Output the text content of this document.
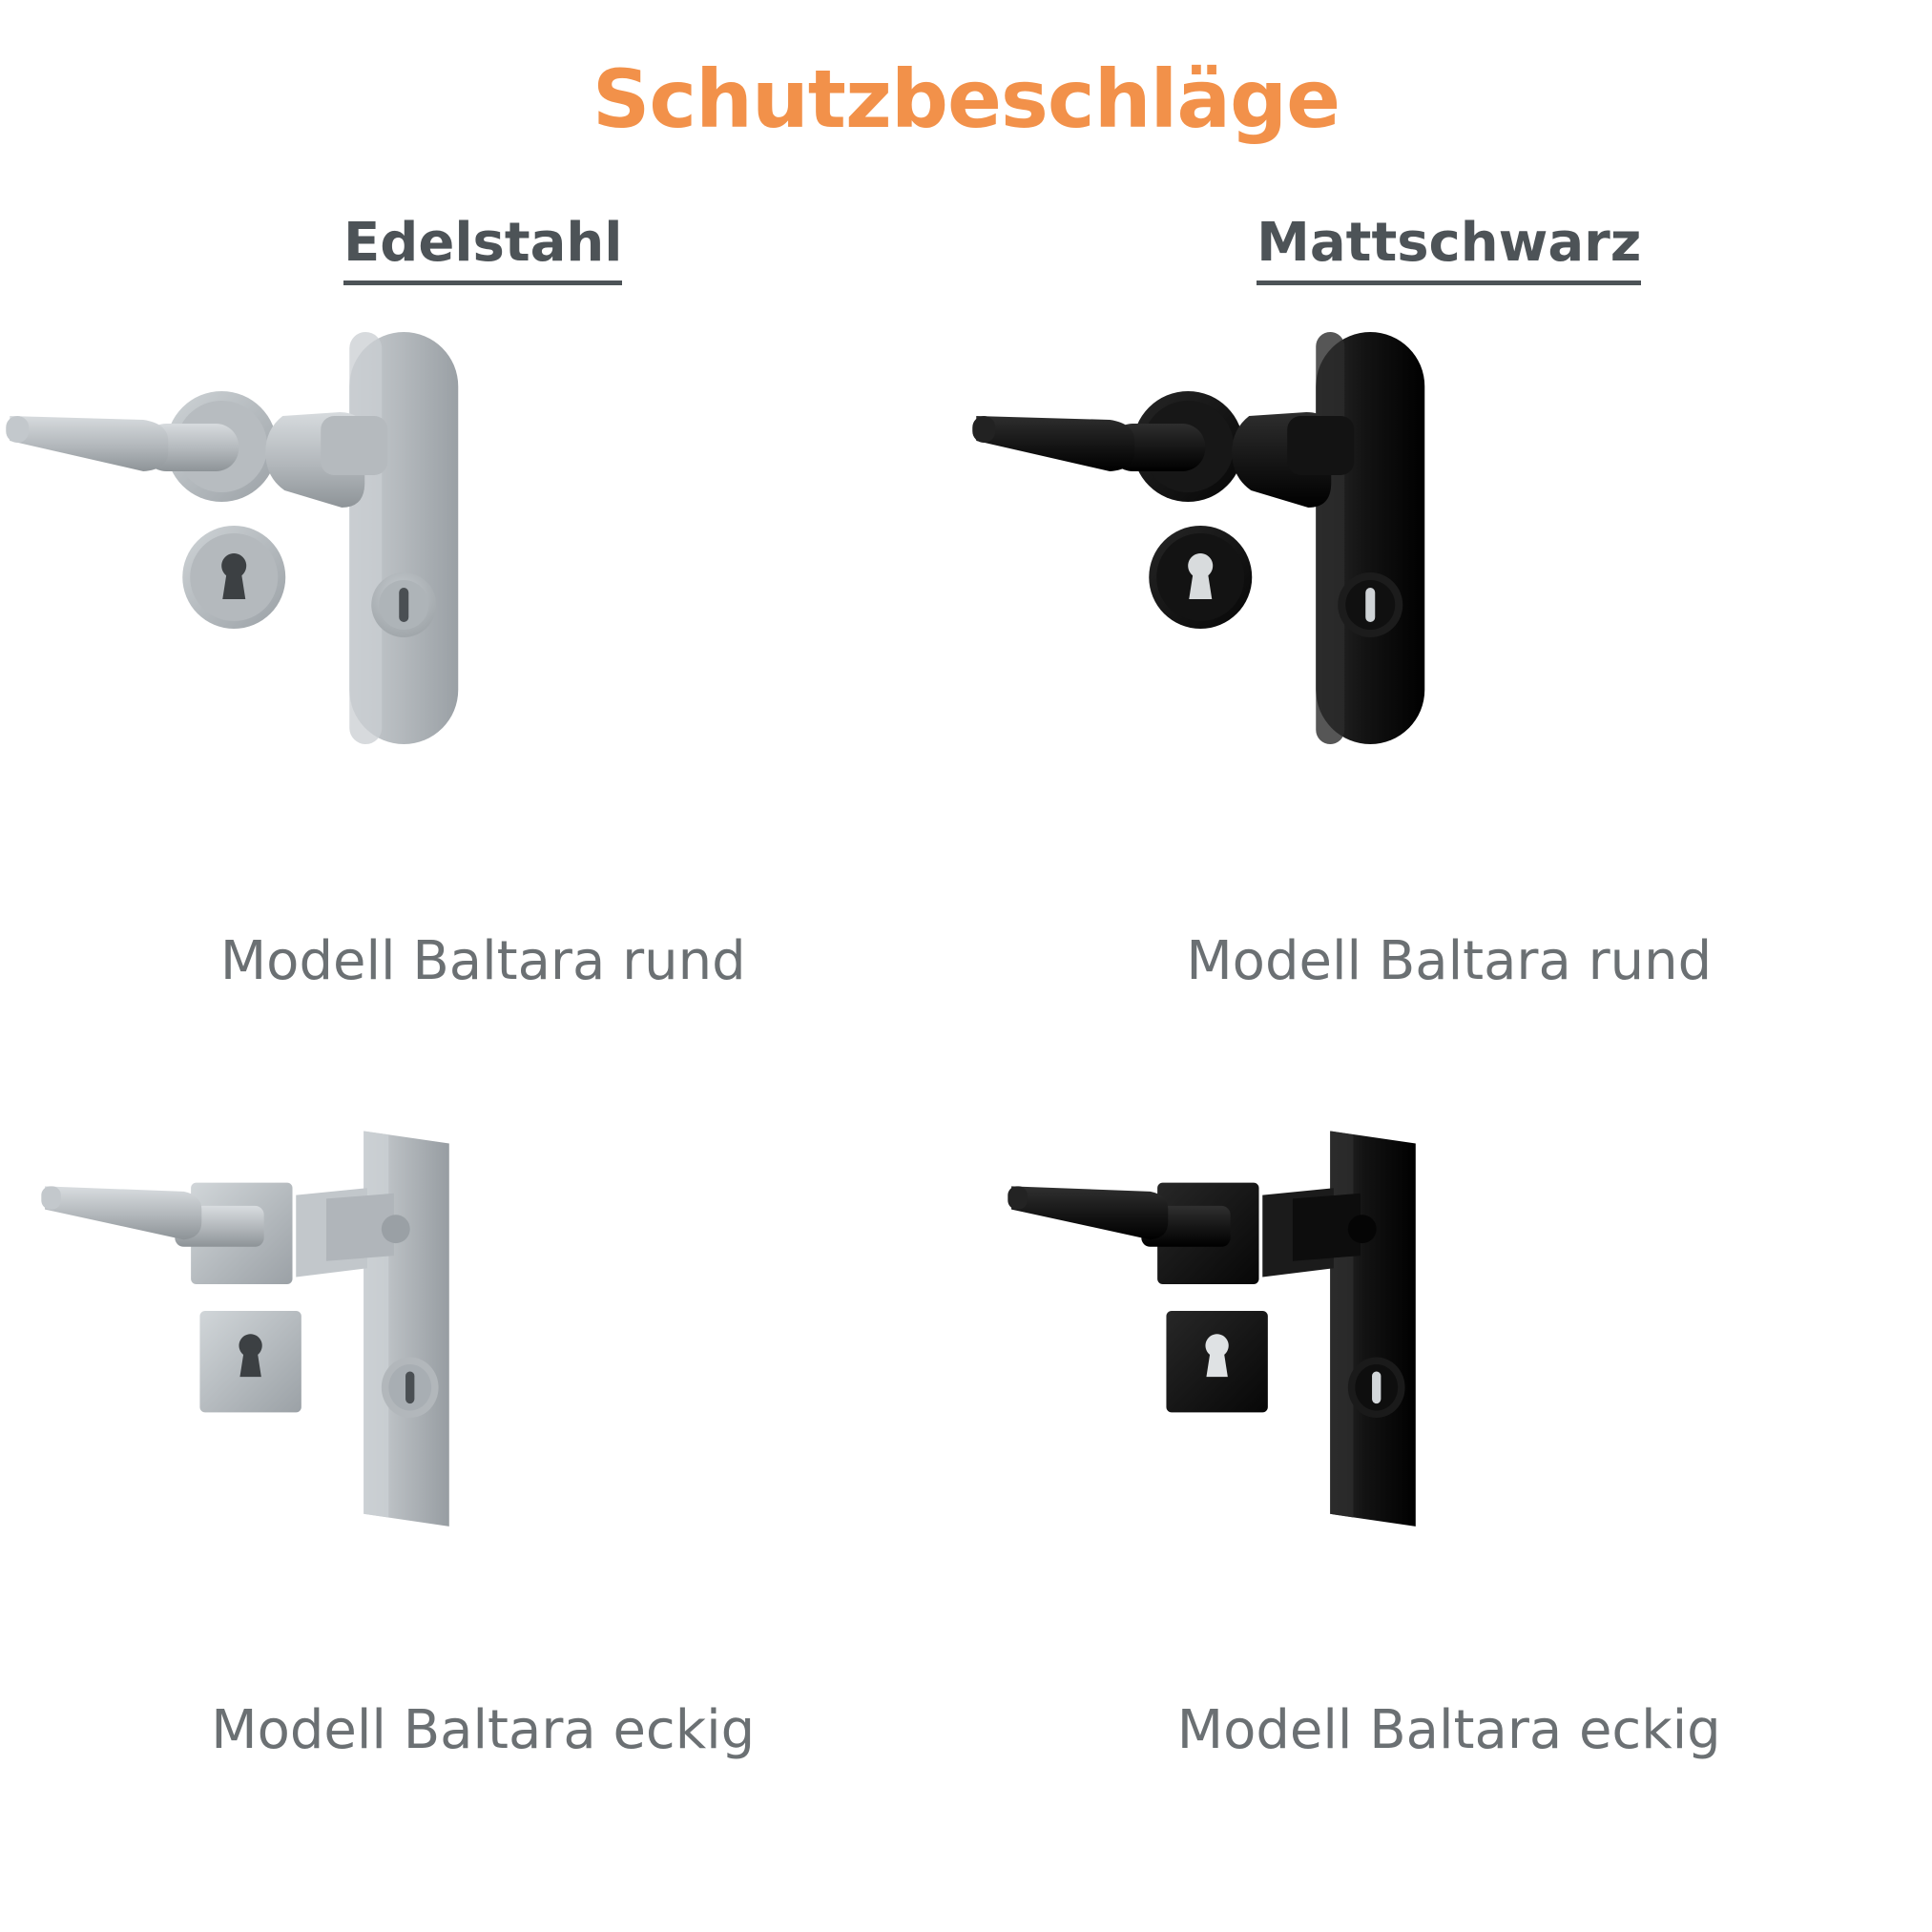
Schutzbeschläge
Edelstahl	Mattschwarz
Modell Baltara rund	Modell Baltara rund
Modell Baltara eckig	Modell Baltara eckig
